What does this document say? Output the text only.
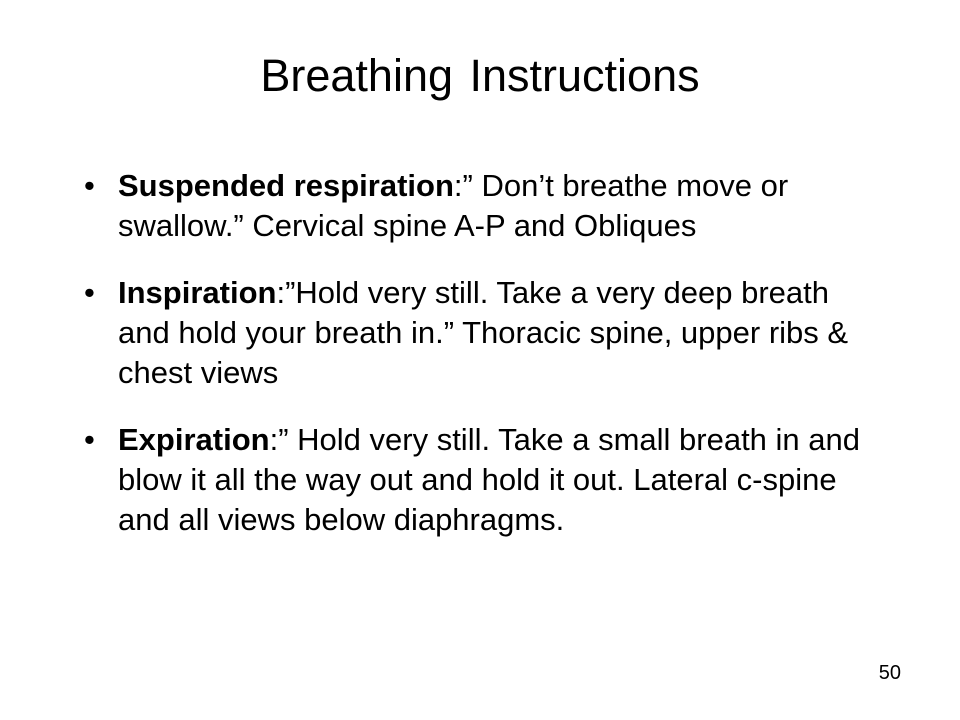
Breathing Instructions
• Suspended respiration:” Don’t breathe move or swallow.” Cervical spine A-P and Obliques
• Inspiration:”Hold very still. Take a very deep breath and hold your breath in.” Thoracic spine, upper ribs & chest views
• Expiration:” Hold very still. Take a small breath in and blow it all the way out and hold it out. Lateral c-spine and all views below diaphragms.
50
